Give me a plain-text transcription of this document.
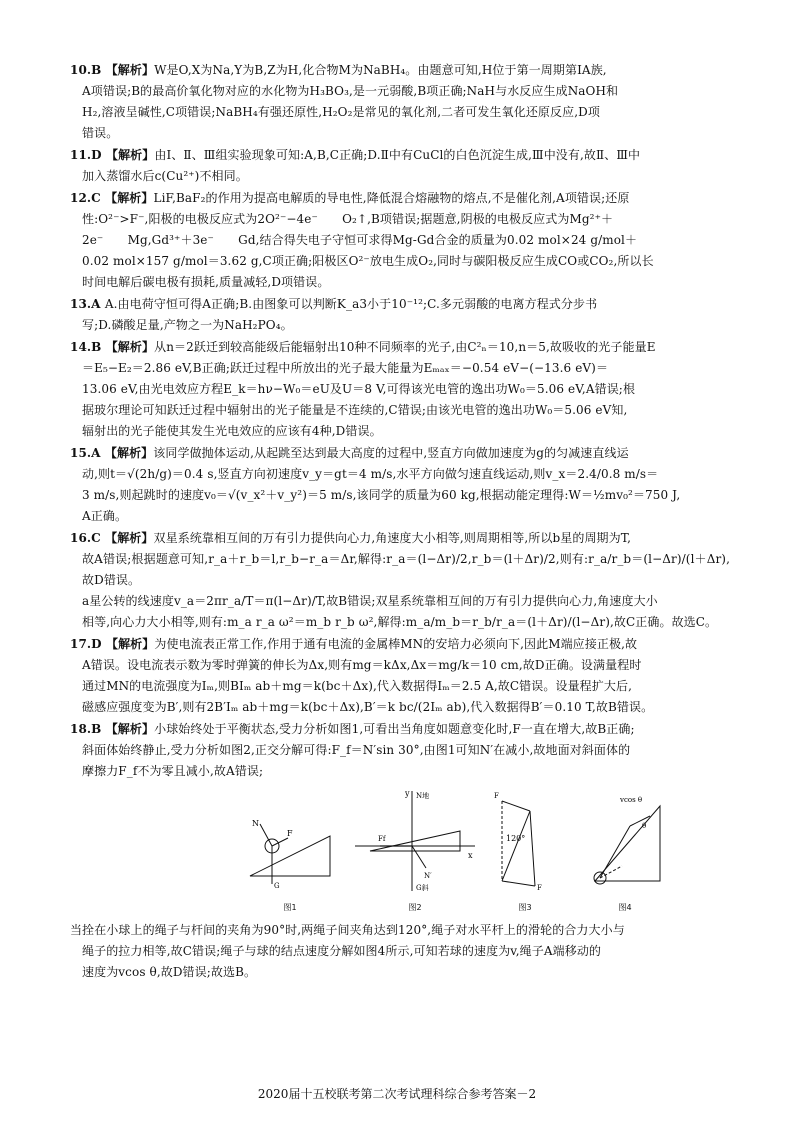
10.B 【解析】W是O,X为Na,Y为B,Z为H,化合物M为NaBH₄。由题意可知,H位于第一周期第ⅠA族,

A项错误;B的最高价氧化物对应的水化物为H₃BO₃,是一元弱酸,B项正确;NaH与水反应生成NaOH和

H₂,溶液呈碱性,C项错误;NaBH₄有强还原性,H₂O₂是常见的氧化剂,二者可发生氧化还原反应,D项

错误。

11.D 【解析】由Ⅰ、Ⅱ、Ⅲ组实验现象可知:A,B,C正确;D.Ⅱ中有CuCl的白色沉淀生成,Ⅲ中没有,故Ⅱ、Ⅲ中

加入蒸馏水后c(Cu²⁺)不相同。

12.C 【解析】LiF,BaF₂的作用为提高电解质的导电性,降低混合熔融物的熔点,不是催化剂,A项错误;还原

性:O²⁻>F⁻,阳极的电极反应式为2O²⁻−4e⁻　　O₂↑,B项错误;据题意,阴极的电极反应式为Mg²⁺＋

2e⁻　　Mg,Gd³⁺＋3e⁻　　Gd,结合得失电子守恒可求得Mg-Gd合金的质量为0.02 mol×24 g/mol＋

0.02 mol×157 g/mol＝3.62 g,C项正确;阳极区O²⁻放电生成O₂,同时与碳阳极反应生成CO或CO₂,所以长

时间电解后碳电极有损耗,质量减轻,D项错误。

13.A A.由电荷守恒可得A正确;B.由图象可以判断K_a3小于10⁻¹²;C.多元弱酸的电离方程式分步书

写;D.磷酸足量,产物之一为NaH₂PO₄。

14.B 【解析】从n＝2跃迁到较高能级后能辐射出10种不同频率的光子,由C²ₙ＝10,n＝5,故吸收的光子能量E

＝E₅−E₂＝2.86 eV,B正确;跃迁过程中所放出的光子最大能量为Eₘₐₓ＝−0.54 eV−(−13.6 eV)＝

13.06 eV,由光电效应方程E_k＝hν−W₀＝eU及U＝8 V,可得该光电管的逸出功W₀＝5.06 eV,A错误;根

据玻尔理论可知跃迁过程中辐射出的光子能量是不连续的,C错误;由该光电管的逸出功W₀＝5.06 eV知,

辐射出的光子能使其发生光电效应的应该有4种,D错误。

15.A 【解析】该同学做抛体运动,从起跳至达到最大高度的过程中,竖直方向做加速度为g的匀减速直线运

动,则t＝√(2h/g)＝0.4 s,竖直方向初速度v_y＝gt＝4 m/s,水平方向做匀速直线运动,则v_x＝2.4/0.8 m/s＝

3 m/s,则起跳时的速度v₀＝√(v_x²＋v_y²)＝5 m/s,该同学的质量为60 kg,根据动能定理得:W＝½mv₀²＝750 J,

A正确。

16.C 【解析】双星系统靠相互间的万有引力提供向心力,角速度大小相等,则周期相等,所以b星的周期为T,

故A错误;根据题意可知,r_a＋r_b＝l,r_b−r_a＝Δr,解得:r_a＝(l−Δr)/2,r_b＝(l＋Δr)/2,则有:r_a/r_b＝(l−Δr)/(l＋Δr),故D错误。

a星公转的线速度v_a＝2πr_a/T＝π(l−Δr)/T,故B错误;双星系统靠相互间的万有引力提供向心力,角速度大小

相等,向心力大小相等,则有:m_a r_a ω²＝m_b r_b ω²,解得:m_a/m_b＝r_b/r_a＝(l＋Δr)/(l−Δr),故C正确。故选C。

17.D 【解析】为使电流表正常工作,作用于通有电流的金属棒MN的安培力必须向下,因此M端应接正极,故

A错误。设电流表示数为零时弹簧的伸长为Δx,则有mg＝kΔx,Δx＝mg/k＝10 cm,故D正确。设满量程时

通过MN的电流强度为Iₘ,则BIₘ ab＋mg＝k(bc＋Δx),代入数据得Iₘ＝2.5 A,故C错误。设量程扩大后,

磁感应强度变为B′,则有2B′Iₘ ab＋mg＝k(bc＋Δx),B′＝k bc/(2Iₘ ab),代入数据得B′＝0.10 T,故B错误。

18.B 【解析】小球始终处于平衡状态,受力分析如图1,可看出当角度如题意变化时,F一直在增大,故B正确;

斜面体始终静止,受力分析如图2,正交分解可得:F_f＝N′sin 30°,由图1可知N′在减小,故地面对斜面体的

摩擦力F_f不为零且减小,故A错误;

N
F
G
图1
y N地
Ff
x
N′
G斜
图2
F
120°
F
图3
vcos θ
θ
图4

当拴在小球上的绳子与杆间的夹角为90°时,两绳子间夹角达到120°,绳子对水平杆上的滑轮的合力大小与

绳子的拉力相等,故C错误;绳子与球的结点速度分解如图4所示,可知若球的速度为v,绳子A端移动的

速度为vcos θ,故D错误;故选B。

2020届十五校联考第二次考试理科综合参考答案－2
